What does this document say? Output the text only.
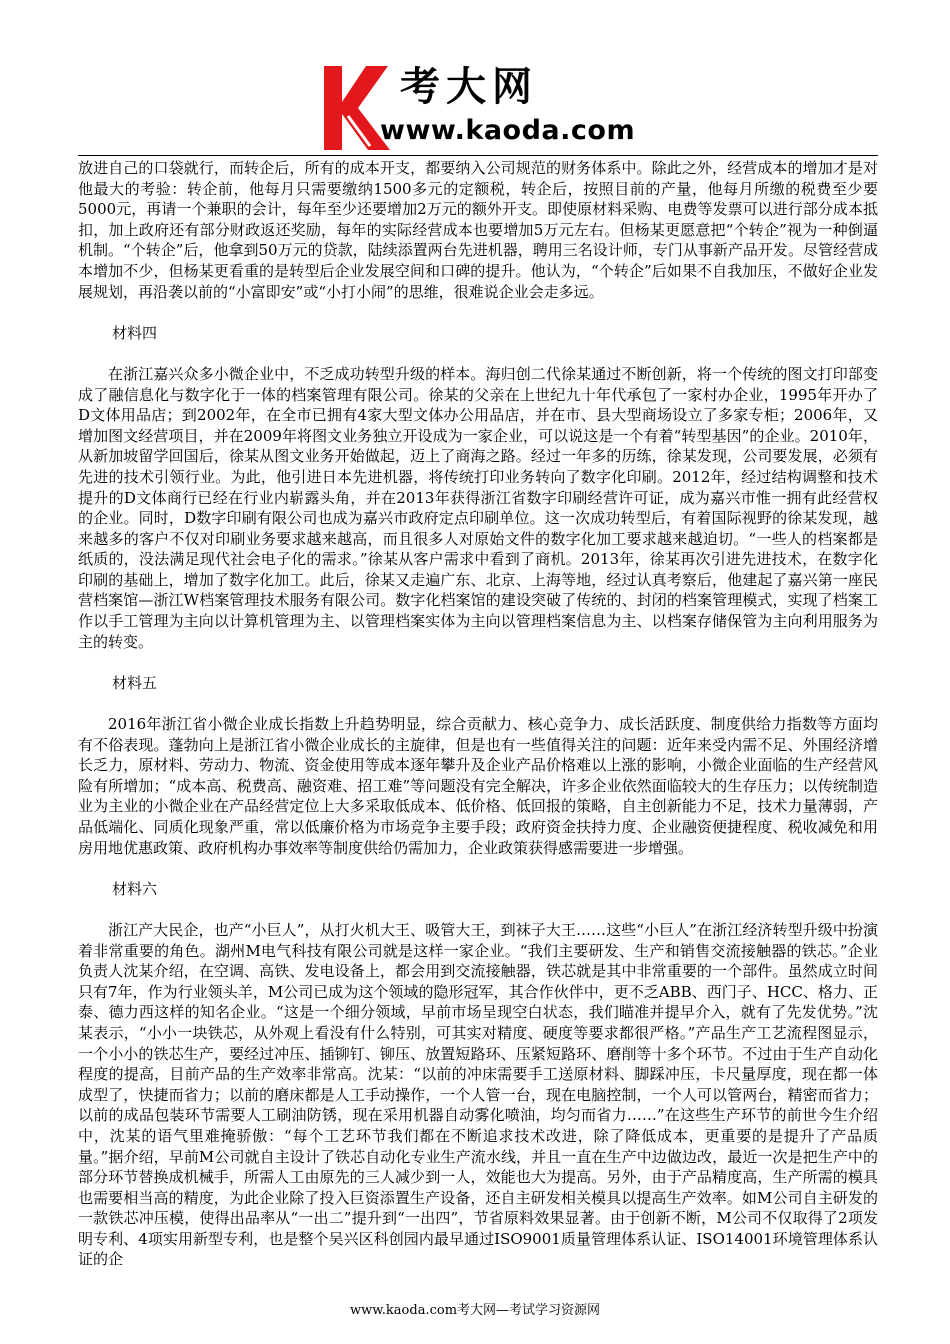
考大网
www.kaoda.com

放进自己的口袋就行，而转企后，所有的成本开支，都要纳入公司规范的财务体系中。除此之外，经营成本的增加才是对他最大的考验：转企前，他每月只需要缴纳1500多元的定额税，转企后，按照目前的产量，他每月所缴的税费至少要5000元，再请一个兼职的会计，每年至少还要增加2万元的额外开支。即使原材料采购、电费等发票可以进行部分成本抵扣，加上政府还有部分财政返还奖励，每年的实际经营成本也要增加5万元左右。但杨某更愿意把“个转企”视为一种倒逼机制。“个转企”后，他拿到50万元的贷款，陆续添置两台先进机器，聘用三名设计师，专门从事新产品开发。尽管经营成本增加不少，但杨某更看重的是转型后企业发展空间和口碑的提升。他认为，“个转企”后如果不自我加压，不做好企业发展规划，再沿袭以前的“小富即安”或“小打小闹”的思维，很难说企业会走多远。

材料四

在浙江嘉兴众多小微企业中，不乏成功转型升级的样本。海归创二代徐某通过不断创新，将一个传统的图文打印部变成了融信息化与数字化于一体的档案管理有限公司。徐某的父亲在上世纪九十年代承包了一家村办企业，1995年开办了D文体用品店；到2002年，在全市已拥有4家大型文体办公用品店，并在市、县大型商场设立了多家专柜；2006年，又增加图文经营项目，并在2009年将图文业务独立开设成为一家企业，可以说这是一个有着“转型基因”的企业。2010年，从新加坡留学回国后，徐某从图文业务开始做起，迈上了商海之路。经过一年多的历练，徐某发现，公司要发展，必须有先进的技术引领行业。为此，他引进日本先进机器，将传统打印业务转向了数字化印刷。2012年，经过结构调整和技术提升的D文体商行已经在行业内崭露头角，并在2013年获得浙江省数字印刷经营许可证，成为嘉兴市惟一拥有此经营权的企业。同时，D数字印刷有限公司也成为嘉兴市政府定点印刷单位。这一次成功转型后，有着国际视野的徐某发现，越来越多的客户不仅对印刷业务要求越来越高，而且很多人对原始文件的数字化加工要求越来越迫切。“一些人的档案都是纸质的，没法满足现代社会电子化的需求。”徐某从客户需求中看到了商机。2013年，徐某再次引进先进技术，在数字化印刷的基础上，增加了数字化加工。此后，徐某又走遍广东、北京、上海等地，经过认真考察后，他建起了嘉兴第一座民营档案馆—浙江W档案管理技术服务有限公司。数字化档案馆的建设突破了传统的、封闭的档案管理模式，实现了档案工作以手工管理为主向以计算机管理为主、以管理档案实体为主向以管理档案信息为主、以档案存储保管为主向利用服务为主的转变。

材料五

2016年浙江省小微企业成长指数上升趋势明显，综合贡献力、核心竞争力、成长活跃度、制度供给力指数等方面均有不俗表现。蓬勃向上是浙江省小微企业成长的主旋律，但是也有一些值得关注的问题：近年来受内需不足、外围经济增长乏力，原材料、劳动力、物流、资金使用等成本逐年攀升及企业产品价格难以上涨的影响，小微企业面临的生产经营风险有所增加；“成本高、税费高、融资难、招工难”等问题没有完全解决，许多企业依然面临较大的生存压力；以传统制造业为主业的小微企业在产品经营定位上大多采取低成本、低价格、低回报的策略，自主创新能力不足，技术力量薄弱，产品低端化、同质化现象严重，常以低廉价格为市场竞争主要手段；政府资金扶持力度、企业融资便捷程度、税收减免和用房用地优惠政策、政府机构办事效率等制度供给仍需加力，企业政策获得感需要进一步增强。

材料六

浙江产大民企，也产“小巨人”，从打火机大王、吸管大王，到袜子大王……这些“小巨人”在浙江经济转型升级中扮演着非常重要的角色。湖州M电气科技有限公司就是这样一家企业。“我们主要研发、生产和销售交流接触器的铁芯。”企业负责人沈某介绍，在空调、高铁、发电设备上，都会用到交流接触器，铁芯就是其中非常重要的一个部件。虽然成立时间只有7年，作为行业领头羊，M公司已成为这个领域的隐形冠军，其合作伙伴中，更不乏ABB、西门子、HCC、格力、正泰、德力西这样的知名企业。“这是一个细分领域，早前市场呈现空白状态，我们瞄准并提早介入，就有了先发优势。”沈某表示，“小小一块铁芯，从外观上看没有什么特别，可其实对精度、硬度等要求都很严格。”产品生产工艺流程图显示，一个小小的铁芯生产，要经过冲压、插铆钉、铆压、放置短路环、压紧短路环、磨削等十多个环节。不过由于生产自动化程度的提高，目前产品的生产效率非常高。沈某：“以前的冲床需要手工送原材料、脚踩冲压，卡尺量厚度，现在都一体成型了，快捷而省力；以前的磨床都是人工手动操作，一个人管一台，现在电脑控制，一个人可以管两台，精密而省力；以前的成品包装环节需要人工刷油防锈，现在采用机器自动雾化喷油，均匀而省力……”在这些生产环节的前世今生介绍中，沈某的语气里难掩骄傲：“每个工艺环节我们都在不断追求技术改进，除了降低成本，更重要的是提升了产品质量。”据介绍，早前M公司就自主设计了铁芯自动化专业生产流水线，并且一直在生产中边做边改，最近一次是把生产中的部分环节替换成机械手，所需人工由原先的三人减少到一人，效能也大为提高。另外，由于产品精度高，生产所需的模具也需要相当高的精度，为此企业除了投入巨资添置生产设备，还自主研发相关模具以提高生产效率。如M公司自主研发的一款铁芯冲压模，使得出品率从“一出二”提升到“一出四”，节省原料效果显著。由于创新不断，M公司不仅取得了2项发明专利、4项实用新型专利，也是整个吴兴区科创园内最早通过ISO9001质量管理体系认证、ISO14001环境管理体系认证的企

www.kaoda.com考大网—考试学习资源网
